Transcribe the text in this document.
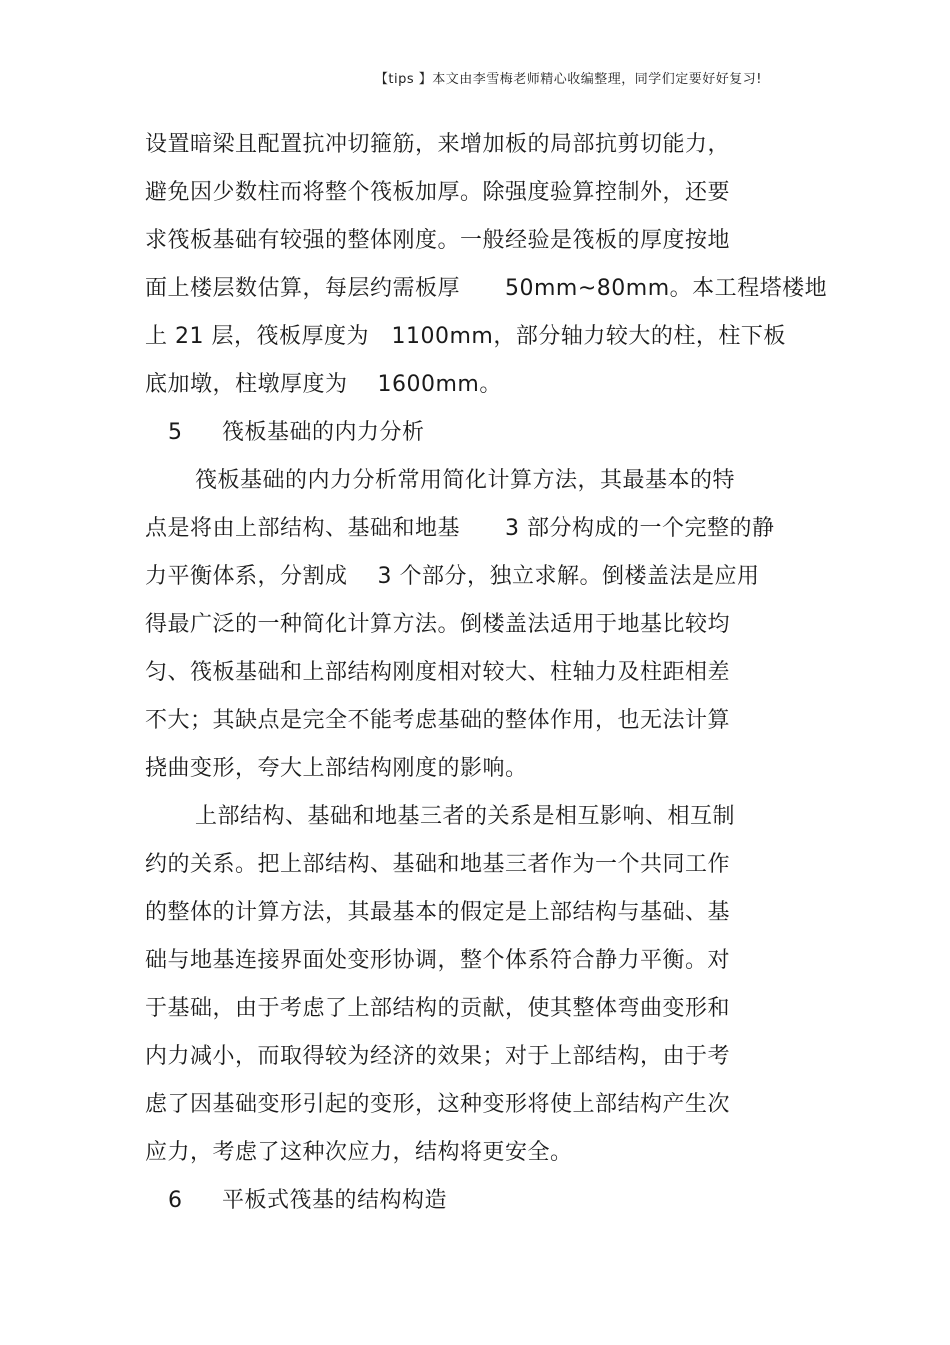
【tips 】本文由李雪梅老师精心收编整理，同学们定要好好复习!
设置暗梁且配置抗冲切箍筋，来增加板的局部抗剪切能力，
避免因少数柱而将整个筏板加厚。除强度验算控制外，还要
求筏板基础有较强的整体刚度。一般经验是筏板的厚度按地
面上楼层数估算，每层约需板厚　　50mm~80mm。本工程塔楼地
上 21 层，筏板厚度为　1100mm，部分轴力较大的柱，柱下板
底加墩，柱墩厚度为　 1600mm。
5 筏板基础的内力分析
筏板基础的内力分析常用简化计算方法，其最基本的特
点是将由上部结构、基础和地基　　3 部分构成的一个完整的静
力平衡体系，分割成　 3 个部分，独立求解。倒楼盖法是应用
得最广泛的一种简化计算方法。倒楼盖法适用于地基比较均
匀、筏板基础和上部结构刚度相对较大、柱轴力及柱距相差
不大；其缺点是完全不能考虑基础的整体作用，也无法计算
挠曲变形，夸大上部结构刚度的影响。
上部结构、基础和地基三者的关系是相互影响、相互制
约的关系。把上部结构、基础和地基三者作为一个共同工作
的整体的计算方法，其最基本的假定是上部结构与基础、基
础与地基连接界面处变形协调，整个体系符合静力平衡。对
于基础，由于考虑了上部结构的贡献，使其整体弯曲变形和
内力减小，而取得较为经济的效果；对于上部结构，由于考
虑了因基础变形引起的变形，这种变形将使上部结构产生次
应力，考虑了这种次应力，结构将更安全。
6 平板式筏基的结构构造
